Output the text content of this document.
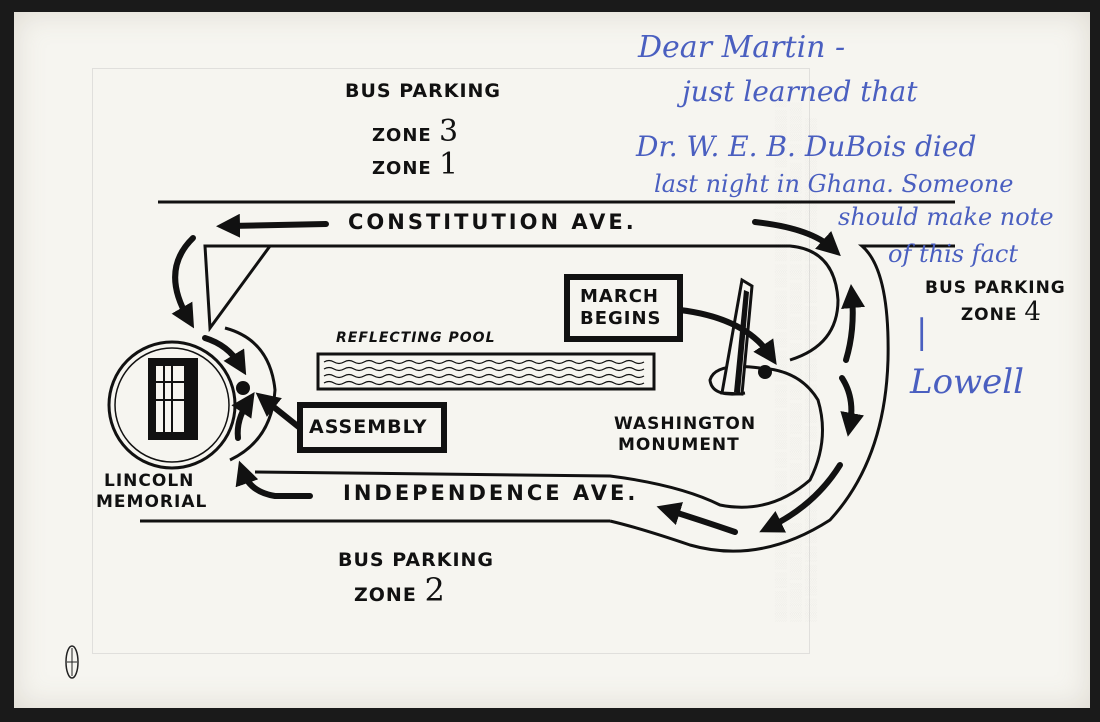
░░░░ ░░ ░░░░░ ░░░ ░░░░ ░░ ░░░░░ ░░░ ░░░░ ░░ ░░░░░ ░░░ ░░░░ ░░ ░░░░░ ░░░ ░░░░ ░░ ░░░░░ ░░░ ░░░░ ░░ ░░░░░ ░░░ ░░░░ ░░ ░░░░░ ░░░ ░░░░ ░░ ░░░░░ ░░░ ░░░░ ░░ ░░░░░ ░░░ ░░░░ ░░ ░░░░░ ░░░ ░░░░ ░░ ░░░░░ ░░░ ░░░░ ░░ ░░░░░ ░░░ ░░░░ ░░ ░░░░░ ░░░
BUS PARKING
ZONE 3
ZONE 1
CONSTITUTION AVE.
INDEPENDENCE AVE.
REFLECTING POOL
ASSEMBLY
MARCH
BEGINS
WASHINGTON
MONUMENT
LINCOLN
MEMORIAL
BUS PARKING
ZONE 4
BUS PARKING
ZONE 2
Dear Martin -
just learned that
Dr. W. E. B. DuBois died
last night in Ghana. Someone
should make note
of this fact
|
Lowell
